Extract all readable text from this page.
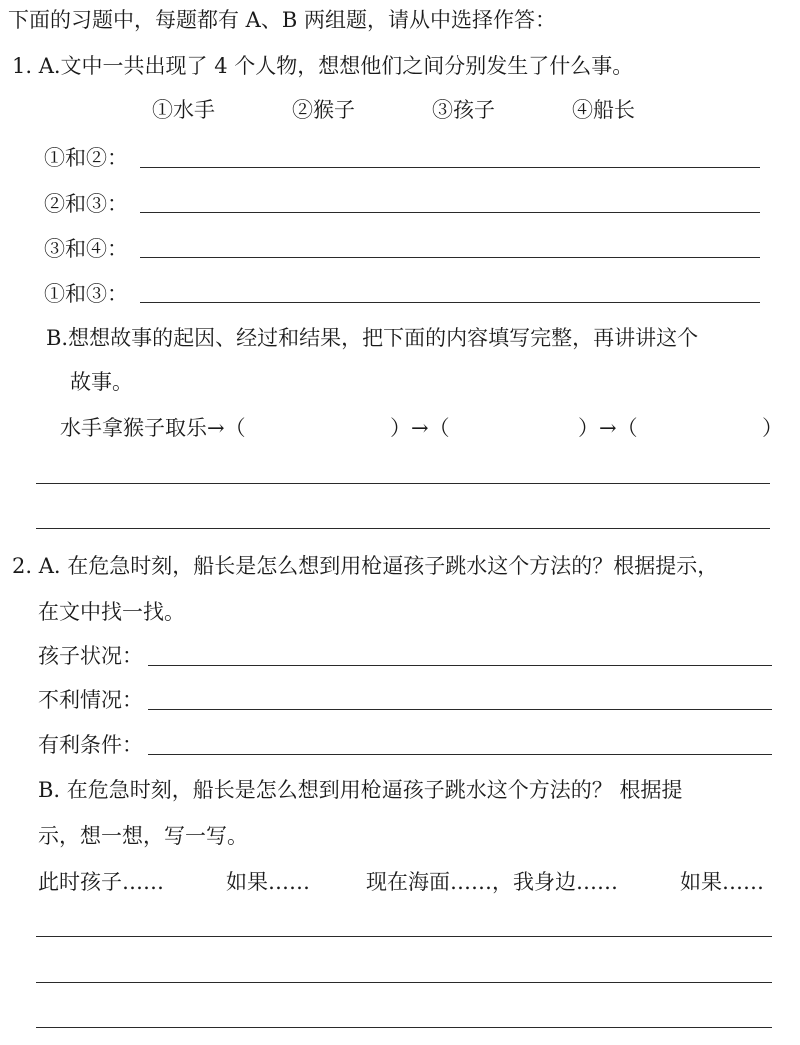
下面的习题中，每题都有 A、B 两组题，请从中选择作答：
1. A.文中一共出现了 4 个人物，想想他们之间分别发生了什么事。
①水手	②猴子	③孩子	④船长
①和②：
②和③：
③和④：
①和③：
B.想想故事的起因、经过和结果，把下面的内容填写完整，再讲讲这个
故事。
水手拿猴子取乐→（	）→（	）→（	）
2. A. 在危急时刻，船长是怎么想到用枪逼孩子跳水这个方法的？根据提示，
在文中找一找。
孩子状况：
不利情况：
有利条件：
B. 在危急时刻，船长是怎么想到用枪逼孩子跳水这个方法的？ 根据提
示，想一想，写一写。
此时孩子……	如果……	现在海面……，我身边……	如果……
